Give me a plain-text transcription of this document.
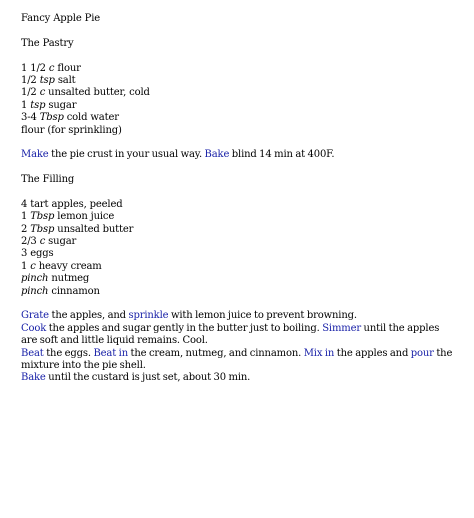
Fancy Apple Pie
The Pastry
1 1/2 c flour
1/2 tsp salt
1/2 c unsalted butter, cold
1 tsp sugar
3-4 Tbsp cold water
flour (for sprinkling)
Make the pie crust in your usual way. Bake blind 14 min at 400F.
The Filling
4 tart apples, peeled
1 Tbsp lemon juice
2 Tbsp unsalted butter
2/3 c sugar
3 eggs
1 c heavy cream
pinch nutmeg
pinch cinnamon
Grate the apples, and sprinkle with lemon juice to prevent browning.
Cook the apples and sugar gently in the butter just to boiling. Simmer until the apples are soft and little liquid remains. Cool.
Beat the eggs. Beat in the cream, nutmeg, and cinnamon. Mix in the apples and pour the mixture into the pie shell.
Bake until the custard is just set, about 30 min.
